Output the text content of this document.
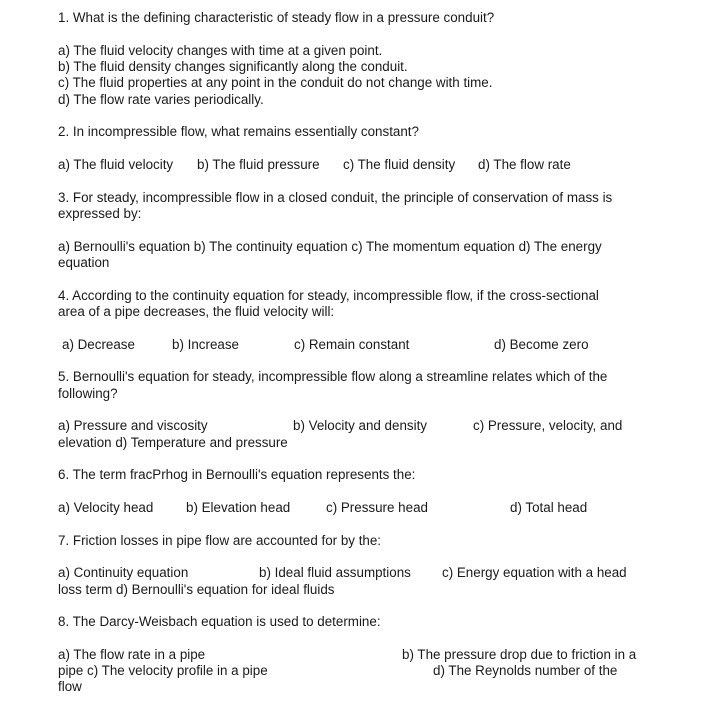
1. What is the defining characteristic of steady flow in a pressure conduit?
a) The fluid velocity changes with time at a given point.
b) The fluid density changes significantly along the conduit.
c) The fluid properties at any point in the conduit do not change with time.
d) The flow rate varies periodically.
2. In incompressible flow, what remains essentially constant?
a) The fluid velocity b) The fluid pressure c) The fluid density d) The flow rate
3. For steady, incompressible flow in a closed conduit, the principle of conservation of mass is
expressed by:
a) Bernoulli's equation b) The continuity equation c) The momentum equation d) The energy
equation
4. According to the continuity equation for steady, incompressible flow, if the cross-sectional
area of a pipe decreases, the fluid velocity will:
a) Decrease	b) Increase	c) Remain constant	d) Become zero
5. Bernoulli's equation for steady, incompressible flow along a streamline relates which of the
following?
a) Pressure and viscosity	b) Velocity and density	c) Pressure, velocity, and
elevation d) Temperature and pressure
6. The term fracPrhog in Bernoulli's equation represents the:
a) Velocity head b) Elevation head	c) Pressure head	d) Total head
7. Friction losses in pipe flow are accounted for by the:
a) Continuity equation	b) Ideal fluid assumptions c) Energy equation with a head
loss term d) Bernoulli's equation for ideal fluids
8. The Darcy-Weisbach equation is used to determine:
a) The flow rate in a pipe	b) The pressure drop due to friction in a
pipe c) The velocity profile in a pipe	d) The Reynolds number of the
flow
